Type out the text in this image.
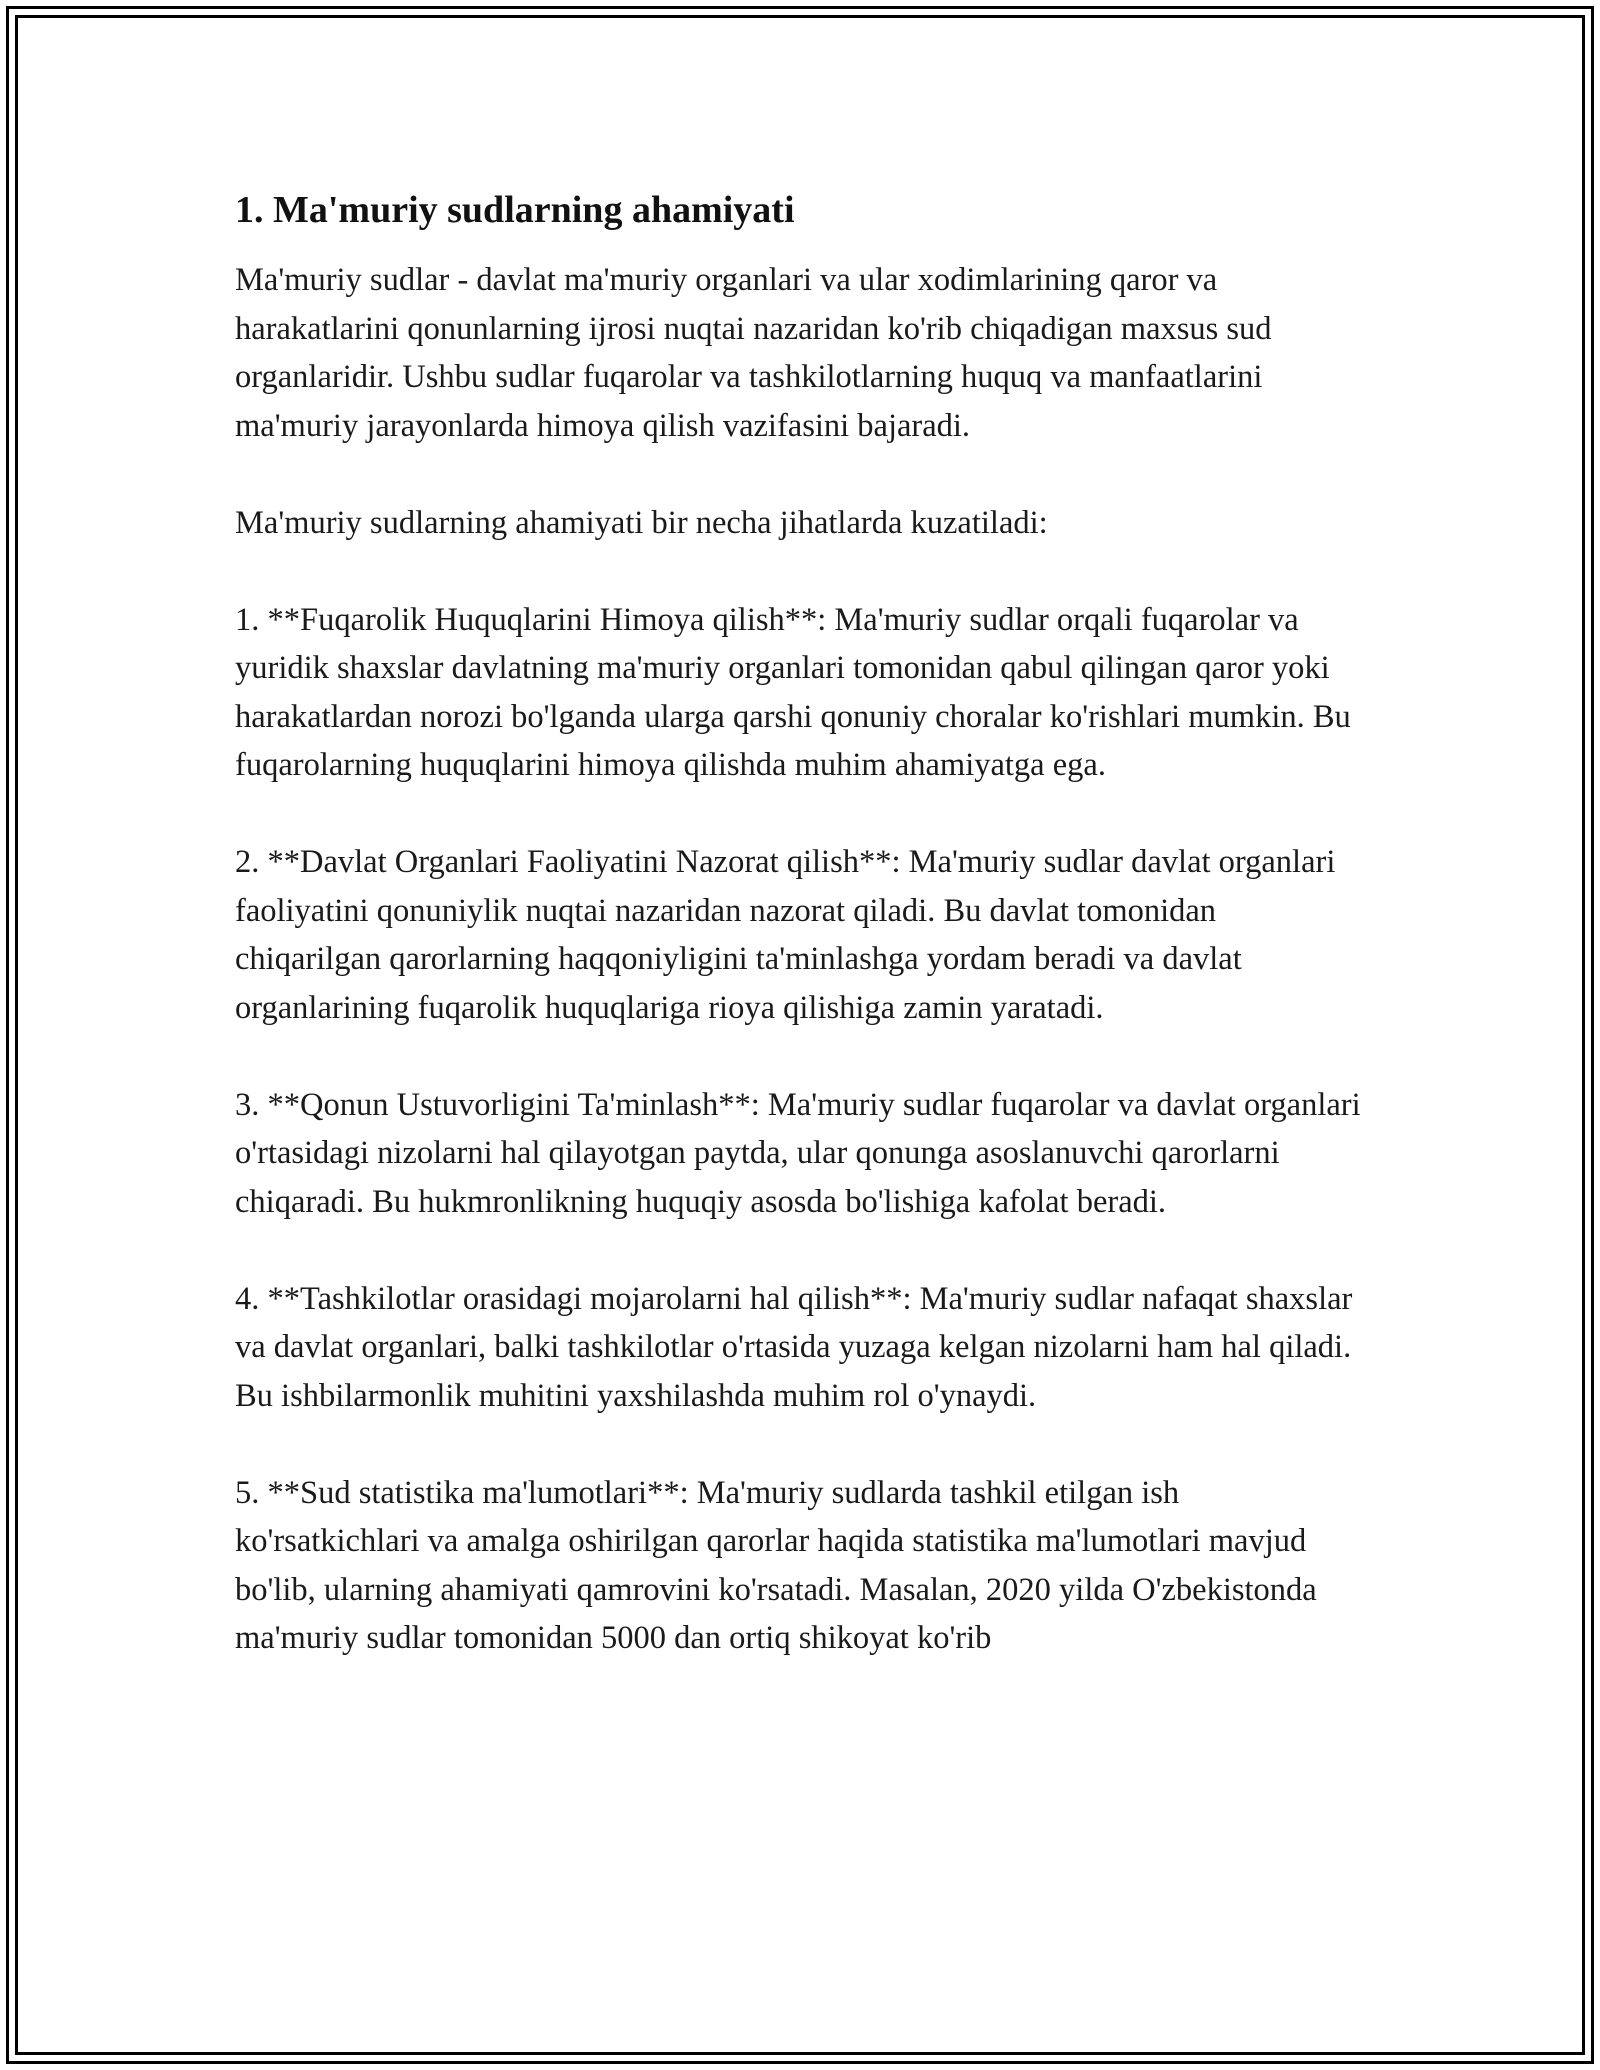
1. Ma'muriy sudlarning ahamiyati

Ma'muriy sudlar - davlat ma'muriy organlari va ular xodimlarining qaror va harakatlarini qonunlarning ijrosi nuqtai nazaridan ko'rib chiqadigan maxsus sud organlaridir. Ushbu sudlar fuqarolar va tashkilotlarning huquq va manfaatlarini ma'muriy jarayonlarda himoya qilish vazifasini bajaradi.

Ma'muriy sudlarning ahamiyati bir necha jihatlarda kuzatiladi:

1. **Fuqarolik Huquqlarini Himoya qilish**: Ma'muriy sudlar orqali fuqarolar va yuridik shaxslar davlatning ma'muriy organlari tomonidan qabul qilingan qaror yoki harakatlardan norozi bo'lganda ularga qarshi qonuniy choralar ko'rishlari mumkin. Bu fuqarolarning huquqlarini himoya qilishda muhim ahamiyatga ega.

2. **Davlat Organlari Faoliyatini Nazorat qilish**: Ma'muriy sudlar davlat organlari faoliyatini qonuniylik nuqtai nazaridan nazorat qiladi. Bu davlat tomonidan chiqarilgan qarorlarning haqqoniyligini ta'minlashga yordam beradi va davlat organlarining fuqarolik huquqlariga rioya qilishiga zamin yaratadi.

3. **Qonun Ustuvorligini Ta'minlash**: Ma'muriy sudlar fuqarolar va davlat organlari o'rtasidagi nizolarni hal qilayotgan paytda, ular qonunga asoslanuvchi qarorlarni chiqaradi. Bu hukmronlikning huquqiy asosda bo'lishiga kafolat beradi.

4. **Tashkilotlar orasidagi mojarolarni hal qilish**: Ma'muriy sudlar nafaqat shaxslar va davlat organlari, balki tashkilotlar o'rtasida yuzaga kelgan nizolarni ham hal qiladi. Bu ishbilarmonlik muhitini yaxshilashda muhim rol o'ynaydi.

5. **Sud statistika ma'lumotlari**: Ma'muriy sudlarda tashkil etilgan ish ko'rsatkichlari va amalga oshirilgan qarorlar haqida statistika ma'lumotlari mavjud bo'lib, ularning ahamiyati qamrovini ko'rsatadi. Masalan, 2020 yilda O'zbekistonda ma'muriy sudlar tomonidan 5000 dan ortiq shikoyat ko'rib
